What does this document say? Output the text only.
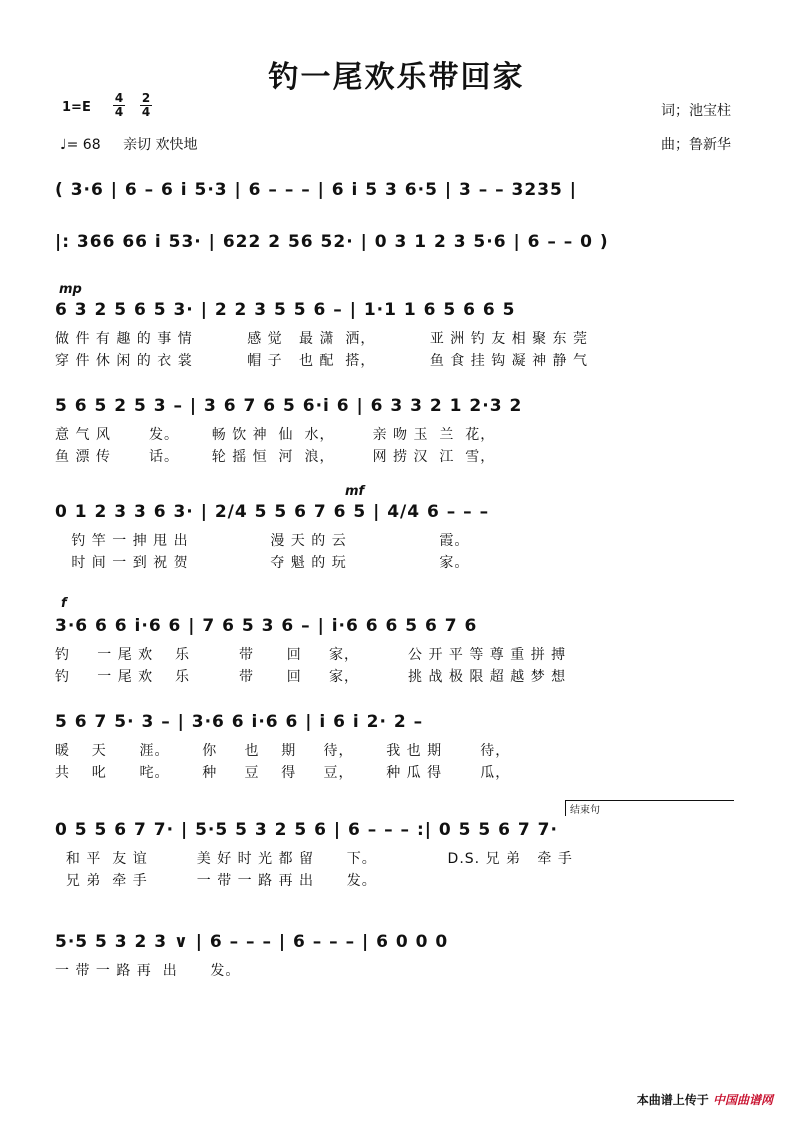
钓一尾欢乐带回家
1=E
4
4
2
4
♩= 68 亲切 欢快地
词；池宝柱
曲；鲁新华
( 3·6 | 6 – 6 i 5·3 | 6 – – – | 6 i 5 3 6·5 | 3 – – 3235 |
|: 366 66 i 53· | 622 2 56 52· | 0 3 1 2 3 5·6 | 6 – – 0 )
mp
6 3 2 5 6 5 3· | 2 2 3 5 5 6 – | 1·1 1 6 5 6 6 5
做 件 有 趣 的 事 情          感 觉   最 潇  洒，          亚 洲 钓 友 相 聚 东 莞
穿 件 休 闲 的 衣 裳          帽 子   也 配  搭，          鱼 食 挂 钩 凝 神 静 气
5 6 5 2 5 3 – | 3 6 7 6 5 6·i 6 | 6 3 3 2 1 2·3 2
意 气 风       发。      畅 饮 神  仙  水，       亲 吻 玉  兰  花，
鱼 漂 传       话。      轮 摇 恒  河  浪，       网 捞 汉  江  雪，
mf
0 1 2 3 3 6 3· | 2/4 5 5 6 7 6 5 | 4/4 6 – – –
钓 竿 一 抻 甩 出               漫 天 的 云                 霞。
时 间 一 到 祝 贺               夺 魁 的 玩                 家。
f
3·6 6 6 i·6 6 | 7 6 5 3 6 – | i·6 6 6 5 6 7 6
钓     一 尾 欢    乐         带      回     家，         公 开 平 等 尊 重 拼 搏
钓     一 尾 欢    乐         带      回     家，         挑 战 极 限 超 越 梦 想
5 6 7 5· 3 – | 3·6 6 i·6 6 | i 6 i 2· 2 –
暖    天      涯。      你     也    期     待，      我 也 期       待，
共    叱      咤。      种     豆    得     豆，      种 瓜 得       瓜，
结束句
0 5 5 6 7 7· | 5·5 5 3 2 5 6 | 6 – – – :| 0 5 5 6 7 7·
和 平  友 谊         美 好 时 光 都 留      下。             D.S. 兄 弟   牵 手
兄 弟  牵 手         一 带 一 路 再 出      发。
5·5 5 3 2 3 ∨ | 6 – – – | 6 – – – | 6 0 0 0
一 带 一 路 再  出      发。
本曲谱上传于 中国曲谱网
